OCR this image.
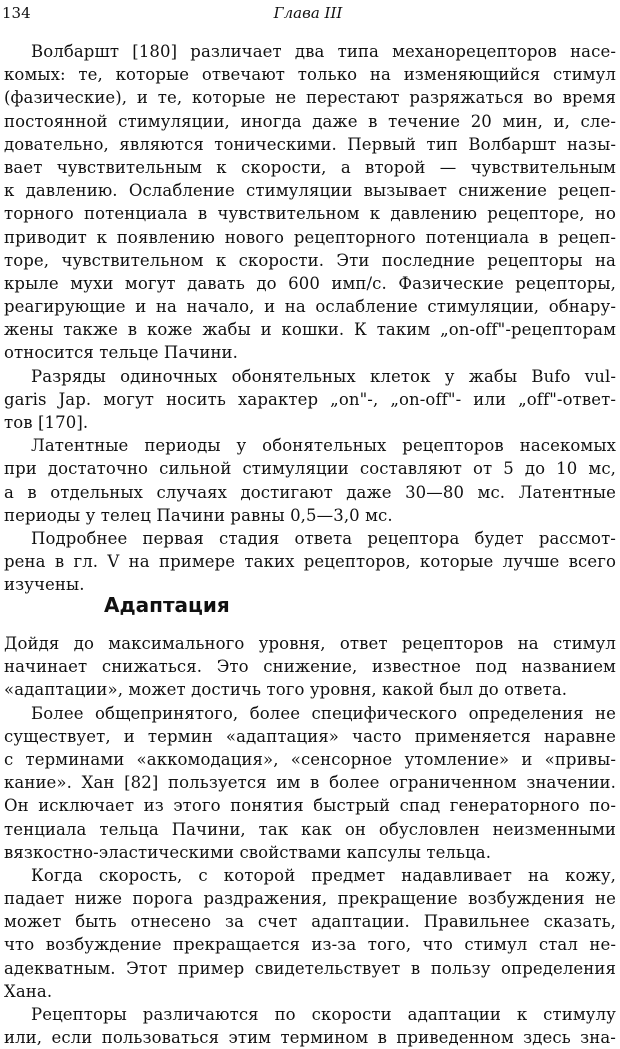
134	Глава III
Волбаршт [180] различает два типа механорецепторов насе-
комых: те, которые отвечают только на изменяющийся стимул
(фазические), и те, которые не перестают разряжаться во время
постоянной стимуляции, иногда даже в течение 20 мин, и, сле-
довательно, являются тоническими. Первый тип Волбаршт назы-
вает чувствительным к скорости, а второй — чувствительным
к давлению. Ослабление стимуляции вызывает снижение рецеп-
торного потенциала в чувствительном к давлению рецепторе, но
приводит к появлению нового рецепторного потенциала в рецеп-
торе, чувствительном к скорости. Эти последние рецепторы на
крыле мухи могут давать до 600 имп/с. Фазические рецепторы,
реагирующие и на начало, и на ослабление стимуляции, обнару-
жены также в коже жабы и кошки. К таким „on-off"-рецепторам
относится тельце Пачини.
Разряды одиночных обонятельных клеток у жабы Bufo vul-
garis Jap. могут носить характер „on"-, „on-off"- или „off"-ответ-
тов [170].
Латентные периоды у обонятельных рецепторов насекомых
при достаточно сильной стимуляции составляют от 5 до 10 мс,
а в отдельных случаях достигают даже 30—80 мс. Латентные
периоды у телец Пачини равны 0,5—3,0 мс.
Подробнее первая стадия ответа рецептора будет рассмот-
рена в гл. V на примере таких рецепторов, которые лучше всего
изучены.
Адаптация
Дойдя до максимального уровня, ответ рецепторов на стимул
начинает снижаться. Это снижение, известное под названием
«адаптации», может достичь того уровня, какой был до ответа.
Более общепринятого, более специфического определения не
существует, и термин «адаптация» часто применяется наравне
с терминами «аккомодация», «сенсорное утомление» и «привы-
кание». Хан [82] пользуется им в более ограниченном значении.
Он исключает из этого понятия быстрый спад генераторного по-
тенциала тельца Пачини, так как он обусловлен неизменными
вязкостно-эластическими свойствами капсулы тельца.
Когда скорость, с которой предмет надавливает на кожу,
падает ниже порога раздражения, прекращение возбуждения не
может быть отнесено за счет адаптации. Правильнее сказать,
что возбуждение прекращается из-за того, что стимул стал не-
адекватным. Этот пример свидетельствует в пользу определения
Хана.
Рецепторы различаются по скорости адаптации к стимулу
или, если пользоваться этим термином в приведенном здесь зна-
